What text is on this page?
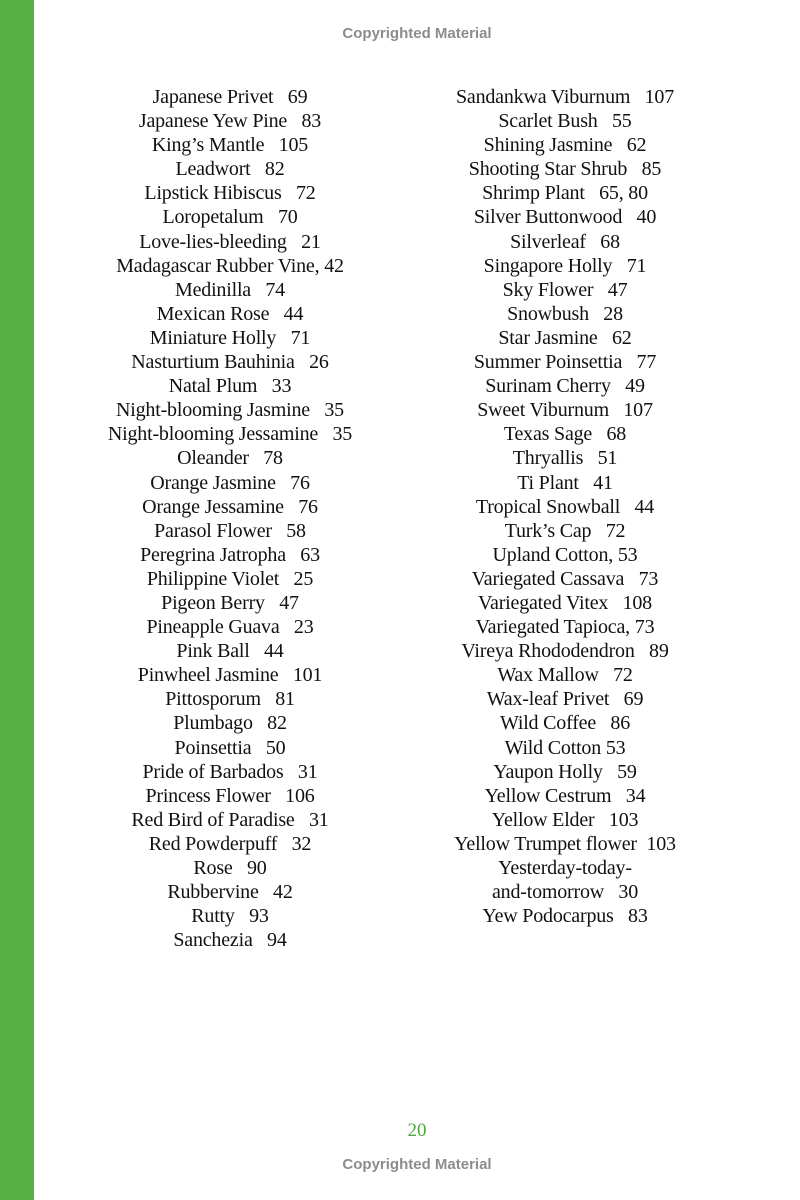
Copyrighted Material
Japanese Privet   69
Japanese Yew Pine   83
King’s Mantle   105
Leadwort   82
Lipstick Hibiscus   72
Loropetalum   70
Love-lies-bleeding   21
Madagascar Rubber Vine, 42
Medinilla   74
Mexican Rose   44
Miniature Holly   71
Nasturtium Bauhinia   26
Natal Plum   33
Night-blooming Jasmine   35
Night-blooming Jessamine   35
Oleander   78
Orange Jasmine   76
Orange Jessamine   76
Parasol Flower   58
Peregrina Jatropha   63
Philippine Violet   25
Pigeon Berry   47
Pineapple Guava   23
Pink Ball   44
Pinwheel Jasmine   101
Pittosporum   81
Plumbago   82
Poinsettia   50
Pride of Barbados   31
Princess Flower   106
Red Bird of Paradise   31
Red Powderpuff   32
Rose   90
Rubbervine   42
Rutty   93
Sanchezia   94
Sandankwa Viburnum   107
Scarlet Bush   55
Shining Jasmine   62
Shooting Star Shrub   85
Shrimp Plant   65, 80
Silver Buttonwood   40
Silverleaf   68
Singapore Holly   71
Sky Flower   47
Snowbush   28
Star Jasmine   62
Summer Poinsettia   77
Surinam Cherry   49
Sweet Viburnum   107
Texas Sage   68
Thryallis   51
Ti Plant   41
Tropical Snowball   44
Turk’s Cap   72
Upland Cotton, 53
Variegated Cassava   73
Variegated Vitex   108
Variegated Tapioca, 73
Vireya Rhododendron   89
Wax Mallow   72
Wax-leaf Privet   69
Wild Coffee   86
Wild Cotton 53
Yaupon Holly   59
Yellow Cestrum   34
Yellow Elder   103
Yellow Trumpet flower  103
Yesterday-today-
and-tomorrow   30
Yew Podocarpus   83
20
Copyrighted Material
